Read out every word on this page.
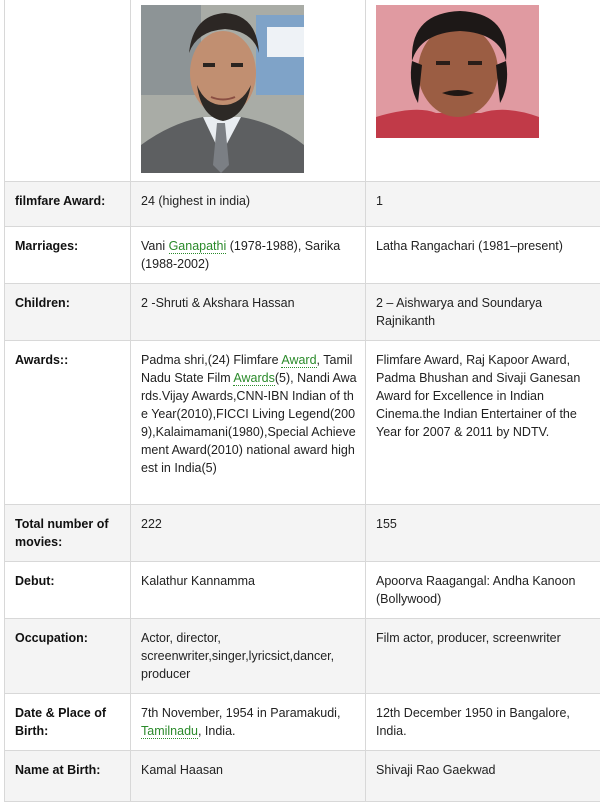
filmfare Award:	24 (highest in india)	1
Marriages:	Vani Ganapathi (1978-1988), Sarika (1988-2002)	Latha Rangachari (1981–present)
Children:	2 -Shruti & Akshara Hassan	2 – Aishwarya and Soundarya Rajnikanth
Awards::	Padma shri,(24) Flimfare Award, Tamil Nadu State Film Awards(5), Nandi Awards.Vijay Awards,CNN-IBN Indian of the Year(2010),FICCI Living Legend(2009),Kalaimamani(1980),Special Achievement Award(2010) national award highest in India(5)	Flimfare Award, Raj Kapoor Award, Padma Bhushan and Sivaji Ganesan Award for Excellence in Indian Cinema.the Indian Entertainer of the Year for 2007 & 2011 by NDTV.
Total number of movies:	222	155
Debut:	Kalathur Kannamma	Apoorva Raagangal: Andha Kanoon (Bollywood)
Occupation:	Actor, director, screenwriter,singer,lyricsict,dancer, producer	Film actor, producer, screenwriter
Date & Place of Birth:	7th November, 1954 in Paramakudi, Tamilnadu, India.	12th December 1950 in Bangalore, India.
Name at Birth:	Kamal Haasan	Shivaji Rao Gaekwad
